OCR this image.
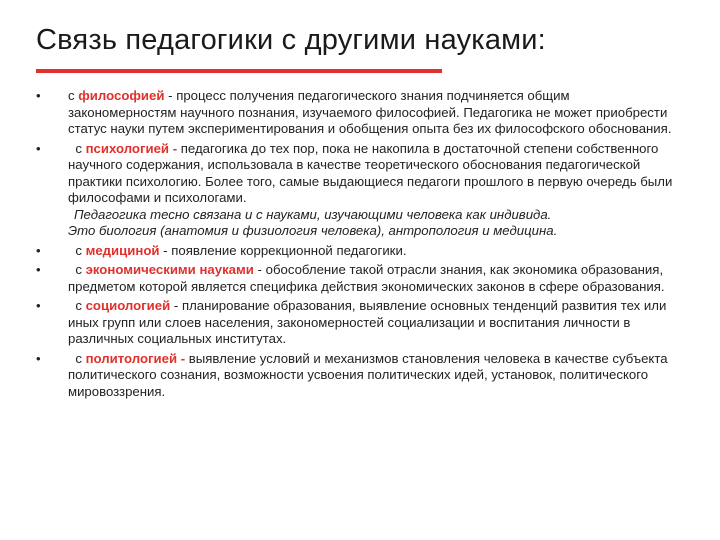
Связь педагогики с другими науками:

•	с философией - процесс получения педагогического знания подчиняется общим закономерностям научного познания, изучаемого философией. Педагогика не может приобрести статус науки путем экспериментирования и обобщения опыта без их философского обоснования.

•	с психологией - педагогика до тех пор, пока не накопила в достаточной степени собственного научного содержания, использовала в качестве теоретического обоснования педагогической практики психологию. Более того, самые выдающиеся педагоги прошлого в первую очередь были философами и психологами.

Педагогика тесно связана и с науками, изучающими человека как индивида.
Это биология (анатомия и физиология человека), антропология и медицина.

•	с медициной - появление коррекционной педагогики.

•	с экономическими науками - обособление такой отрасли знания, как экономика образования, предметом которой является специфика действия экономических законов в сфере образования.

•	с социологией - планирование образования, выявление основных тенденций развития тех или иных групп или слоев населения, закономерностей социализации и воспитания личности в различных социальных институтах.

•	с политологией - выявление условий и механизмов становления человека в качестве субъекта политического сознания, возможности усвоения политических идей, установок, политического мировоззрения.
